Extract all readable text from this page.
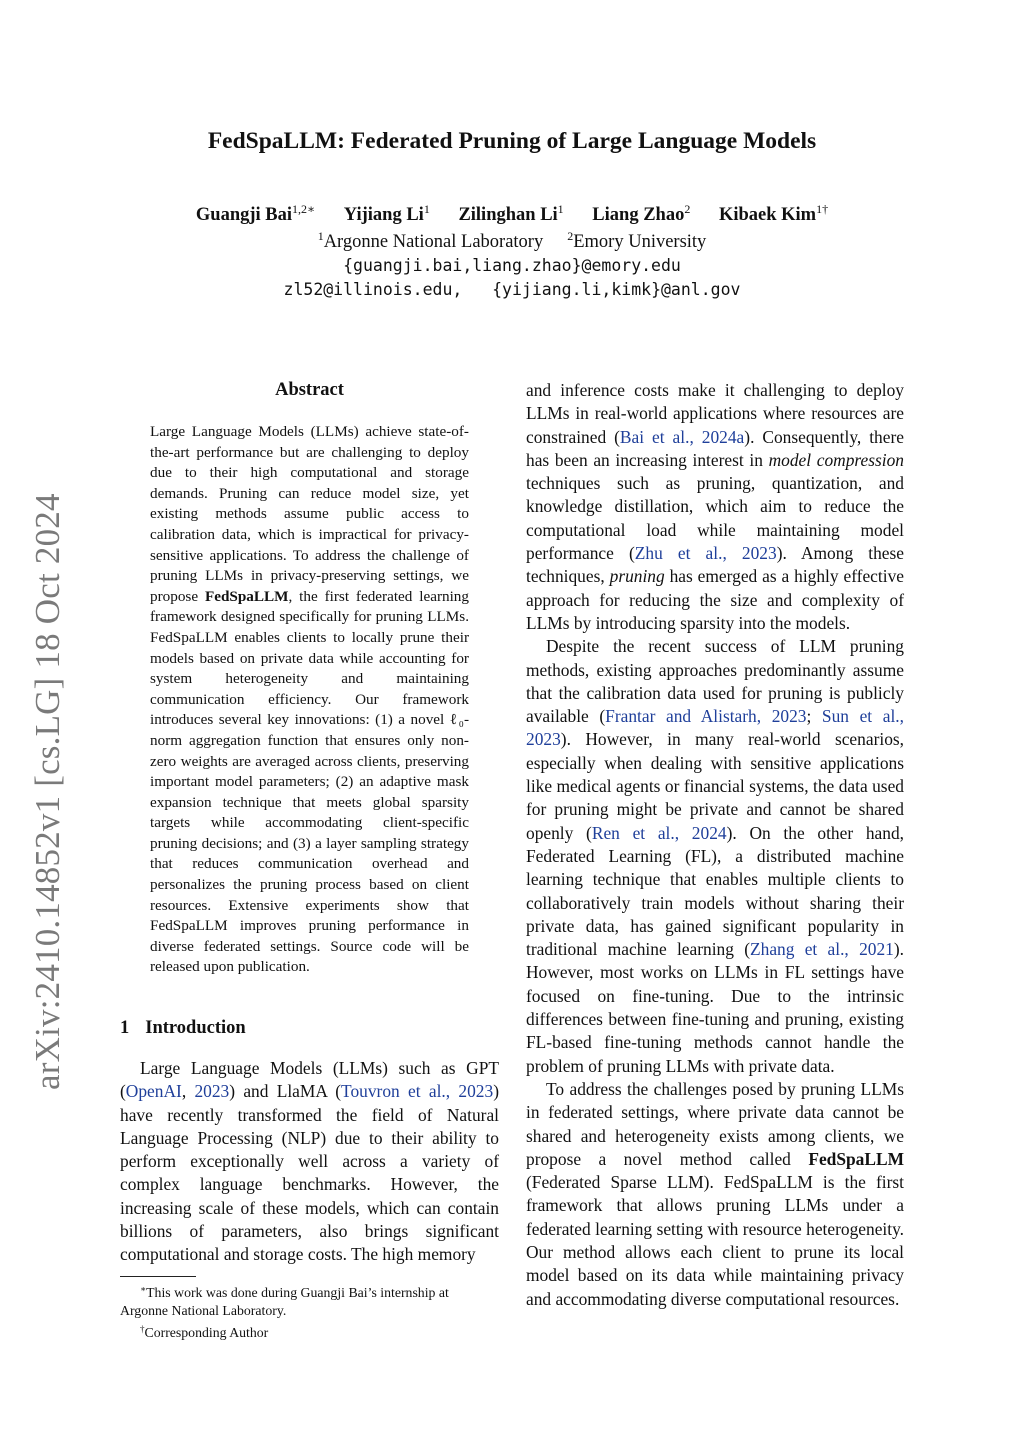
arXiv:2410.14852v1 [cs.LG] 18 Oct 2024
FedSpaLLM: Federated Pruning of Large Language Models
Guangji Bai$^{1,2∗}$ Yijiang Li$^1$ Zilinghan Li$^1$ Liang Zhao$^2$ Kibaek Kim$^{1\dagger}$
$^1$Argonne National Laboratory $^2$Emory University
{guangji.bai,liang.zhao}@emory.edu
zl52@illinois.edu,   {yijiang.li,kimk}@anl.gov
Abstract
Large Language Models (LLMs) achieve state-of-the-art performance but are challenging to deploy due to their high computational and storage demands. Pruning can reduce model size, yet existing methods assume public access to calibration data, which is impractical for privacy-sensitive applications. To address the challenge of pruning LLMs in privacy-preserving settings, we propose FedSpaLLM, the first federated learning framework designed specifically for pruning LLMs. FedSpaLLM enables clients to locally prune their models based on private data while accounting for system heterogeneity and maintaining communication efficiency. Our framework introduces several key innovations: (1) a novel ℓ₀-norm aggregation function that ensures only non-zero weights are averaged across clients, preserving important model parameters; (2) an adaptive mask expansion technique that meets global sparsity targets while accommodating client-specific pruning decisions; and (3) a layer sampling strategy that reduces communication overhead and personalizes the pruning process based on client resources. Extensive experiments show that FedSpaLLM improves pruning performance in diverse federated settings. Source code will be released upon publication.
1 Introduction

Large Language Models (LLMs) such as GPT (OpenAI, 2023) and LlaMA (Touvron et al., 2023) have recently transformed the field of Natural Language Processing (NLP) due to their ability to perform exceptionally well across a variety of complex language benchmarks. However, the increasing scale of these models, which can contain billions of parameters, also brings significant computational and storage costs. The high memory

∗This work was done during Guangji Bai’s internship at Argonne National Laboratory.

†Corresponding Author

and inference costs make it challenging to deploy LLMs in real-world applications where resources are constrained (Bai et al., 2024a). Consequently, there has been an increasing interest in model compression techniques such as pruning, quantization, and knowledge distillation, which aim to reduce the computational load while maintaining model performance (Zhu et al., 2023). Among these techniques, pruning has emerged as a highly effective approach for reducing the size and complexity of LLMs by introducing sparsity into the models.

Despite the recent success of LLM pruning methods, existing approaches predominantly assume that the calibration data used for pruning is publicly available (Frantar and Alistarh, 2023; Sun et al., 2023). However, in many real-world scenarios, especially when dealing with sensitive applications like medical agents or financial systems, the data used for pruning might be private and cannot be shared openly (Ren et al., 2024). On the other hand, Federated Learning (FL), a distributed machine learning technique that enables multiple clients to collaboratively train models without sharing their private data, has gained significant popularity in traditional machine learning (Zhang et al., 2021). However, most works on LLMs in FL settings have focused on fine-tuning. Due to the intrinsic differences between fine-tuning and pruning, existing FL-based fine-tuning methods cannot handle the problem of pruning LLMs with private data.

To address the challenges posed by pruning LLMs in federated settings, where private data cannot be shared and heterogeneity exists among clients, we propose a novel method called FedSpaLLM (Federated Sparse LLM). FedSpaLLM is the first framework that allows pruning LLMs under a federated learning setting with resource heterogeneity. Our method allows each client to prune its local model based on its data while maintaining privacy and accommodating diverse computational resources.
